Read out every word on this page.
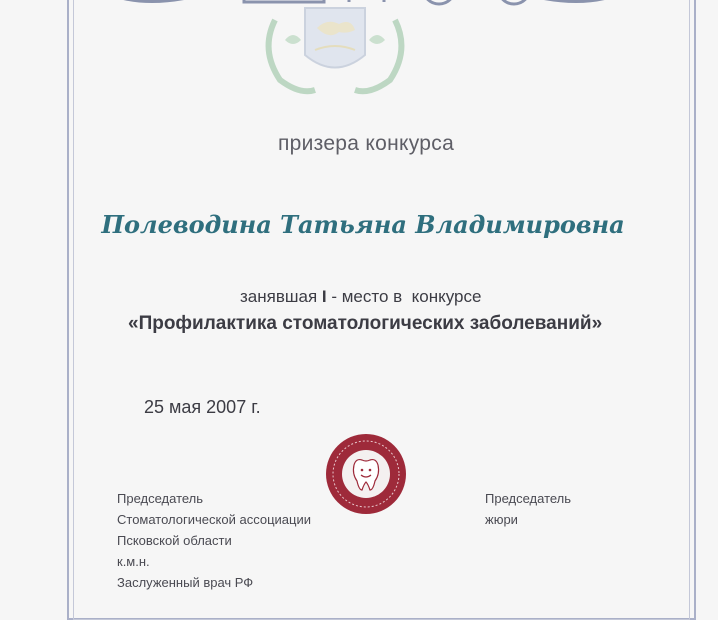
призера конкурса
Полеводина Татьяна Владимировна
занявшая I - место в  конкурсе
«Профилактика стоматологических заболеваний»
25 мая 2007 г.
Председатель
Стоматологической ассоциации
Псковской области
к.м.н.
Заслуженный врач РФ
Председатель
жюри
